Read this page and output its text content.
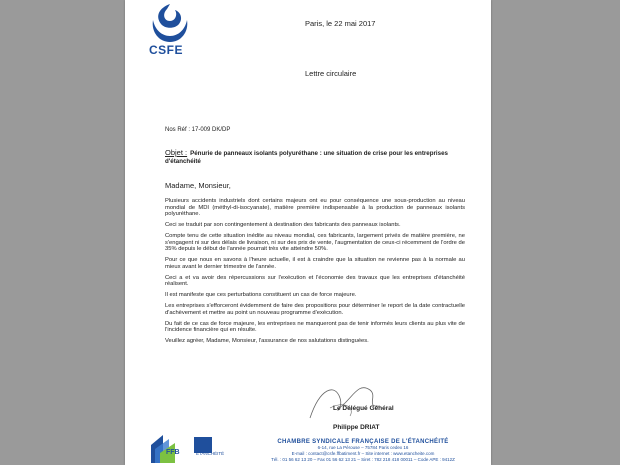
CSFE
Paris, le 22 mai 2017
Lettre circulaire
Nos Réf : 17-009 DK/DP
Objet : Pénurie de panneaux isolants polyuréthane : une situation de crise pour les entreprises d'étanchéité
Madame, Monsieur,

Plusieurs accidents industriels dont certains majeurs ont eu pour conséquence une sous-production au niveau mondial de MDI (méthyl-di-isocyanate), matière première indispensable à la production de panneaux isolants polyuréthane.

Ceci se traduit par son contingentement à destination des fabricants des panneaux isolants.

Compte tenu de cette situation inédite au niveau mondial, ces fabricants, largement privés de matière première, ne s'engagent ni sur des délais de livraison, ni sur des prix de vente, l'augmentation de ceux-ci récemment de l'ordre de 35% depuis le début de l'année pourrait très vite atteindre 50%.

Pour ce que nous en savons à l'heure actuelle, il est à craindre que la situation ne revienne pas à la normale au mieux avant le dernier trimestre de l'année.

Ceci a et va avoir des répercussions sur l'exécution et l'économie des travaux que les entreprises d'étanchéité réalisent.

Il est manifeste que ces perturbations constituent un cas de force majeure.

Les entreprises s'efforceront évidemment de faire des propositions pour déterminer le report de la date contractuelle d'achèvement et mettre au point un nouveau programme d'exécution.

Du fait de ce cas de force majeure, les entreprises ne manqueront pas de tenir informés leurs clients au plus vite de l'incidence financière qui en résulte.

Veuillez agréer, Madame, Monsieur, l'assurance de nos salutations distinguées.

Le Délégué Général
Philippe DRIAT
FFB	ÉTANCHÉITÉ
CHAMBRE SYNDICALE FRANÇAISE DE L'ÉTANCHÉITÉ
6-14, rue La Pérouse – 75784 Paris cedex 16
E-mail : contact@csfe.ffbatiment.fr – Site internet : www.etancheite.com
Tél. : 01 56 62 13 20 – Fax 01 56 62 13 21 – Siret : 782 218 418 00011 – Code APE : 9412Z
